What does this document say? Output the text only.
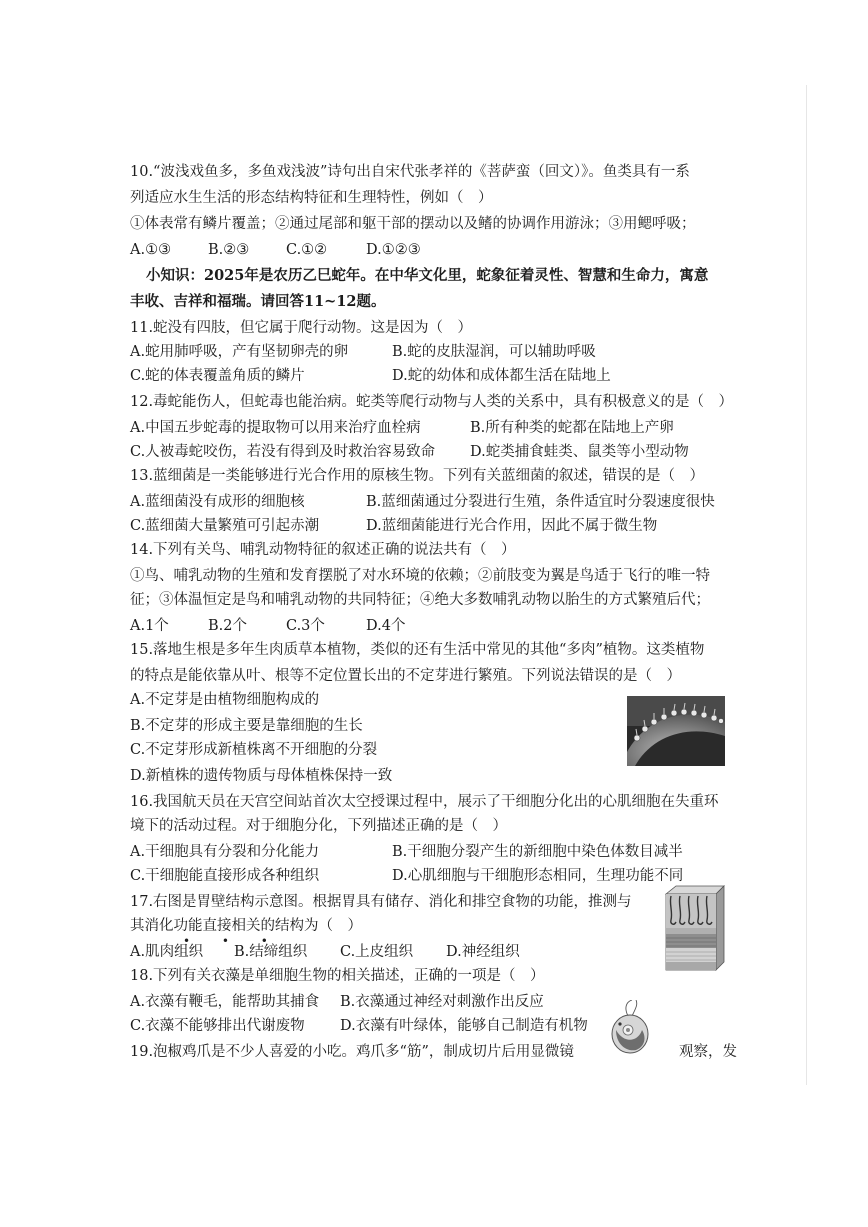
10.“波浅戏鱼多，多鱼戏浅波”诗句出自宋代张孝祥的《菩萨蛮（回文）》。鱼类具有一系

列适应水生生活的形态结构特征和生理特性，例如（　）

①体表常有鳞片覆盖；②通过尾部和躯干部的摆动以及鳍的协调作用游泳；③用鳃呼吸；

A.①③	B.②③	C.①②	D.①②③

小知识：2025年是农历乙巳蛇年。在中华文化里，蛇象征着灵性、智慧和生命力，寓意

丰收、吉祥和福瑞。请回答11~12题。

11.蛇没有四肢，但它属于爬行动物。这是因为（　）

A.蛇用肺呼吸，产有坚韧卵壳的卵	B.蛇的皮肤湿润，可以辅助呼吸
C.蛇的体表覆盖角质的鳞片	D.蛇的幼体和成体都生活在陆地上

12.毒蛇能伤人，但蛇毒也能治病。蛇类等爬行动物与人类的关系中，具有积极意义的是（　）

A.中国五步蛇毒的提取物可以用来治疗血栓病	B.所有种类的蛇都在陆地上产卵
C.人被毒蛇咬伤，若没有得到及时救治容易致命 D.蛇类捕食蛙类、鼠类等小型动物

13.蓝细菌是一类能够进行光合作用的原核生物。下列有关蓝细菌的叙述，错误的是（　）

A.蓝细菌没有成形的细胞核	B.蓝细菌通过分裂进行生殖，条件适宜时分裂速度很快
C.蓝细菌大量繁殖可引起赤潮	D.蓝细菌能进行光合作用，因此不属于微生物

14.下列有关鸟、哺乳动物特征的叙述正确的说法共有（　）

①鸟、哺乳动物的生殖和发育摆脱了对水环境的依赖；②前肢变为翼是鸟适于飞行的唯一特

征；③体温恒定是鸟和哺乳动物的共同特征；④绝大多数哺乳动物以胎生的方式繁殖后代；

A.1个	B.2个	C.3个	D.4个

15.落地生根是多年生肉质草本植物，类似的还有生活中常见的其他“多肉”植物。这类植物

的特点是能依靠从叶、根等不定位置长出的不定芽进行繁殖。下列说法错误的是（　）

A.不定芽是由植物细胞构成的

B.不定芽的形成主要是靠细胞的生长

C.不定芽形成新植株离不开细胞的分裂

D.新植株的遗传物质与母体植株保持一致

16.我国航天员在天宫空间站首次太空授课过程中，展示了干细胞分化出的心肌细胞在失重环

境下的活动过程。对于细胞分化，下列描述正确的是（　）

A.干细胞具有分裂和分化能力	B.干细胞分裂产生的新细胞中染色体数目减半
C.干细胞能直接形成各种组织	D.心肌细胞与干细胞形态相同，生理功能不同

17.右图是胃壁结构示意图。根据胃具有储存、消化和排空食物的功能，推测与

其消化功能直接相关的结构为（　）

• • •
A.肌肉组织 B.结缔组织 C.上皮组织 D.神经组织

18.下列有关衣藻是单细胞生物的相关描述，正确的一项是（　）

A.衣藻有鞭毛，能帮助其捕食 B.衣藻通过神经对刺激作出反应
C.衣藻不能够排出代谢废物 D.衣藻有叶绿体，能够自己制造有机物

19.泡椒鸡爪是不少人喜爱的小吃。鸡爪多“筋”，制成切片后用显微镜	观察，发
